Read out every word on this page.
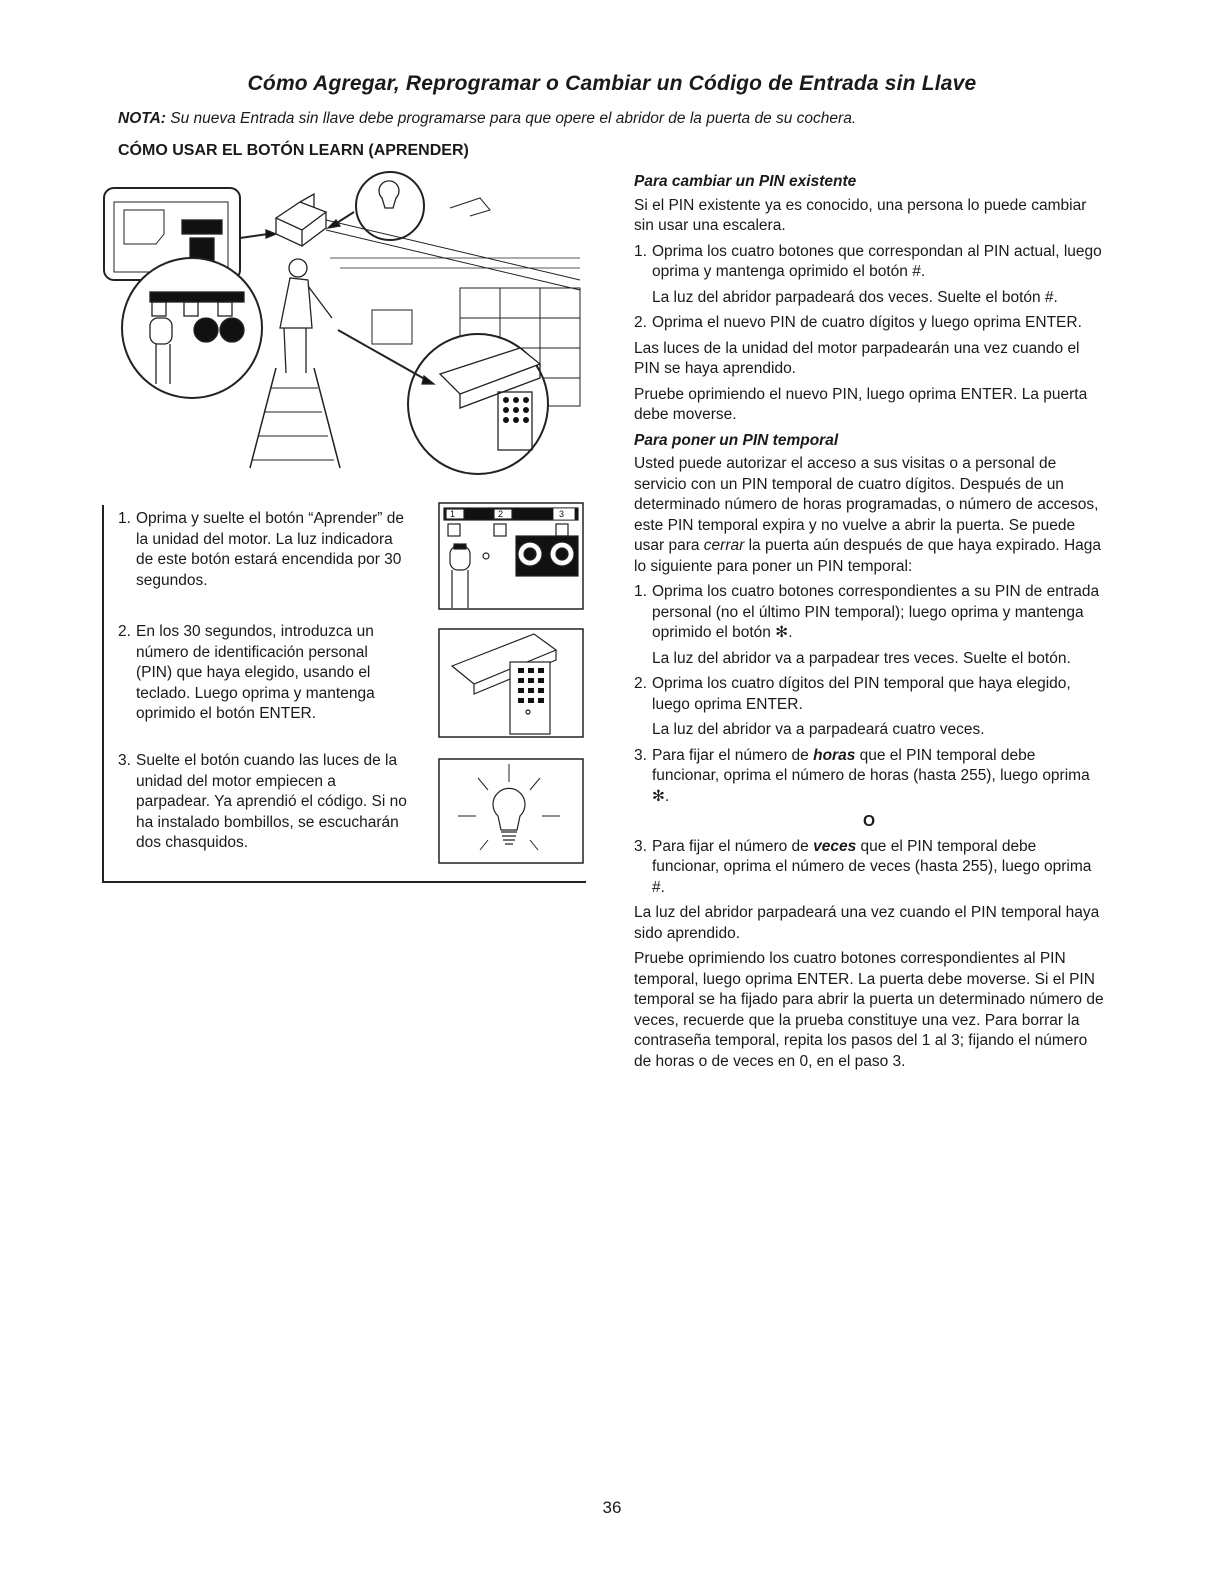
Cómo Agregar, Reprogramar o Cambiar un Código de Entrada sin Llave
NOTA: Su nueva Entrada sin llave debe programarse para que opere el abridor de la puerta de su cochera.
CÓMO USAR EL BOTÓN LEARN (APRENDER)
1. Oprima y suelte el botón “Aprender” de la unidad del motor. La luz indicadora de este botón estará encendida por 30 segundos.
2. En los 30 segundos, introduzca un número de identificación personal (PIN) que haya elegido, usando el teclado. Luego oprima y mantenga oprimido el botón ENTER.
3. Suelte el botón cuando las luces de la unidad del motor empiecen a parpadear. Ya aprendió el código. Si no ha instalado bombillos, se escucharán dos chasquidos.
1	2	3

Para cambiar un PIN existente

Si el PIN existente ya es conocido, una persona lo puede cambiar sin usar una escalera.

1. Oprima los cuatro botones que correspondan al PIN actual, luego oprima y mantenga oprimido el botón #.

La luz del abridor parpadeará dos veces. Suelte el botón #.

2. Oprima el nuevo PIN de cuatro dígitos y luego oprima ENTER.

Las luces de la unidad del motor parpadearán una vez cuando el PIN se haya aprendido.

Pruebe oprimiendo el nuevo PIN, luego oprima ENTER. La puerta debe moverse.

Para poner un PIN temporal

Usted puede autorizar el acceso a sus visitas o a personal de servicio con un PIN temporal de cuatro dígitos. Después de un determinado número de horas programadas, o número de accesos, este PIN temporal expira y no vuelve a abrir la puerta. Se puede usar para cerrar la puerta aún después de que haya expirado. Haga lo siguiente para poner un PIN temporal:

1. Oprima los cuatro botones correspondientes a su PIN de entrada personal (no el último PIN temporal); luego oprima y mantenga oprimido el botón ✻.

La luz del abridor va a parpadear tres veces. Suelte el botón.

2. Oprima los cuatro dígitos del PIN temporal que haya elegido, luego oprima ENTER.

La luz del abridor va a parpadeará cuatro veces.

3. Para fijar el número de horas que el PIN temporal debe funcionar, oprima el número de horas (hasta 255), luego oprima ✻.

O

3. Para fijar el número de veces que el PIN temporal debe funcionar, oprima el número de veces (hasta 255), luego oprima #.

La luz del abridor parpadeará una vez cuando el PIN temporal haya sido aprendido.

Pruebe oprimiendo los cuatro botones correspondientes al PIN temporal, luego oprima ENTER. La puerta debe moverse. Si el PIN temporal se ha fijado para abrir la puerta un determinado número de veces, recuerde que la prueba constituye una vez. Para borrar la contraseña temporal, repita los pasos del 1 al 3; fijando el número de horas o de veces en 0, en el paso 3.

36
